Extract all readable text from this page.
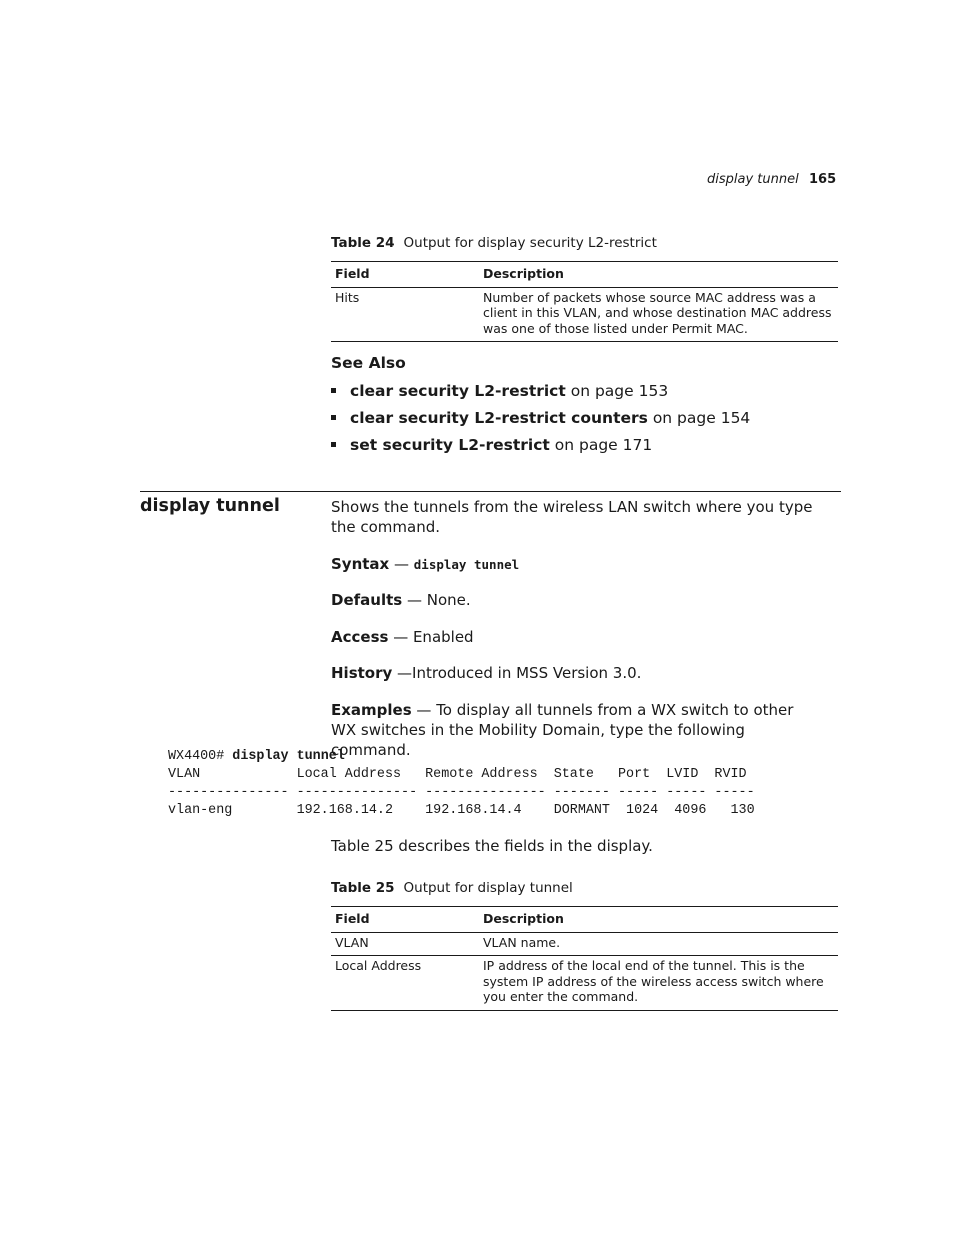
display tunnel 165
Table 24 Output for display security L2-restrict
Field	Description
Hits	Number of packets whose source MAC address was a client in this VLAN, and whose destination MAC address was one of those listed under Permit MAC.
See Also
clear security L2-restrict on page 153
clear security L2-restrict counters on page 154
set security L2-restrict on page 171
display tunnel	Shows the tunnels from the wireless LAN switch where you type the command.
Syntax — display tunnel
Defaults — None.
Access — Enabled
History —Introduced in MSS Version 3.0.
Examples — To display all tunnels from a WX switch to other WX switches in the Mobility Domain, type the following command.
WX4400# display tunnel
VLAN            Local Address   Remote Address  State   Port  LVID  RVID
--------------- --------------- --------------- ------- ----- ----- -----
vlan-eng        192.168.14.2    192.168.14.4    DORMANT  1024  4096   130
Table 25 describes the fields in the display.
Table 25 Output for display tunnel
Field	Description
VLAN	VLAN name.
Local Address	IP address of the local end of the tunnel. This is the system IP address of the wireless access switch where you enter the command.
